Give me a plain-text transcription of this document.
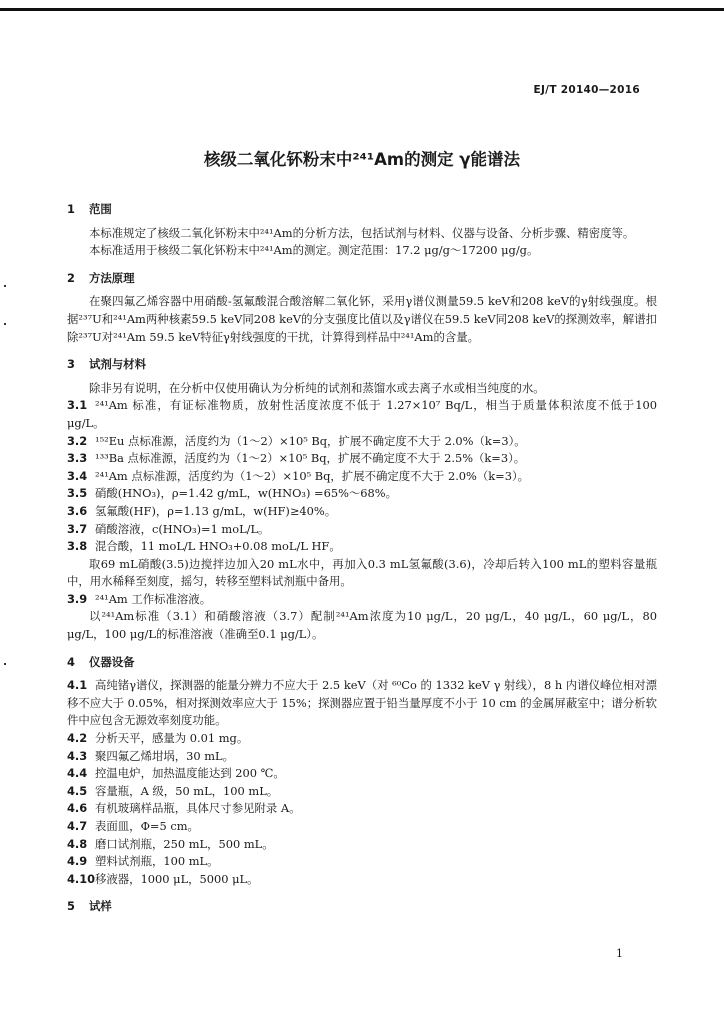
EJ/T 20140—2016
核级二氧化钚粉末中²⁴¹Am的测定 γ能谱法
1 范围
本标准规定了核级二氧化钚粉末中²⁴¹Am的分析方法，包括试剂与材料、仪器与设备、分析步骤、精密度等。
本标准适用于核级二氧化钚粉末中²⁴¹Am的测定。测定范围：17.2 μg/g～17200 μg/g。
2 方法原理
在聚四氟乙烯容器中用硝酸-氢氟酸混合酸溶解二氧化钚，采用γ谱仪测量59.5 keV和208 keV的γ射线强度。根据²³⁷U和²⁴¹Am两种核素59.5 keV同208 keV的分支强度比值以及γ谱仪在59.5 keV同208 keV的探测效率，解谱扣除²³⁷U对²⁴¹Am 59.5 keV特征γ射线强度的干扰，计算得到样品中²⁴¹Am的含量。
3 试剂与材料
除非另有说明，在分析中仅使用确认为分析纯的试剂和蒸馏水或去离子水或相当纯度的水。
3.1 ²⁴¹Am 标准，有证标准物质，放射性活度浓度不低于 1.27×10⁷ Bq/L，相当于质量体积浓度不低于100 μg/L。
3.2 ¹⁵²Eu 点标准源，活度约为（1～2）×10⁵ Bq，扩展不确定度不大于 2.0%（k=3）。
3.3 ¹³³Ba 点标准源，活度约为（1～2）×10⁵ Bq，扩展不确定度不大于 2.5%（k=3）。
3.4 ²⁴¹Am 点标准源，活度约为（1～2）×10⁵ Bq，扩展不确定度不大于 2.0%（k=3）。
3.5 硝酸(HNO₃)，ρ=1.42 g/mL，w(HNO₃) =65%～68%。
3.6 氢氟酸(HF)，ρ=1.13 g/mL，w(HF)≥40%。
3.7 硝酸溶液，c(HNO₃)=1 moL/L。
3.8 混合酸，11 moL/L HNO₃+0.08 moL/L HF。
取69 mL硝酸(3.5)边搅拌边加入20 mL水中，再加入0.3 mL氢氟酸(3.6)，冷却后转入100 mL的塑料容量瓶中，用水稀释至刻度，摇匀，转移至塑料试剂瓶中备用。
3.9 ²⁴¹Am 工作标准溶液。
以²⁴¹Am标准（3.1）和硝酸溶液（3.7）配制²⁴¹Am浓度为10 μg/L，20 μg/L，40 μg/L，60 μg/L，80 μg/L，100 μg/L的标准溶液（准确至0.1 μg/L）。
4 仪器设备
4.1 高纯锗γ谱仪，探测器的能量分辨力不应大于 2.5 keV（对 ⁶⁰Co 的 1332 keV γ 射线），8 h 内谱仪峰位相对漂移不应大于 0.05%，相对探测效率应大于 15%；探测器应置于铅当量厚度不小于 10 cm 的金属屏蔽室中；谱分析软件中应包含无源效率刻度功能。
4.2 分析天平，感量为 0.01 mg。
4.3 聚四氟乙烯坩埚，30 mL。
4.4 控温电炉，加热温度能达到 200 ℃。
4.5 容量瓶，A 级，50 mL，100 mL。
4.6 有机玻璃样品瓶，具体尺寸参见附录 A。
4.7 表面皿，Φ=5 cm。
4.8 磨口试剂瓶，250 mL，500 mL。
4.9 塑料试剂瓶，100 mL。
4.10移液器，1000 μL，5000 μL。
5 试样
1
